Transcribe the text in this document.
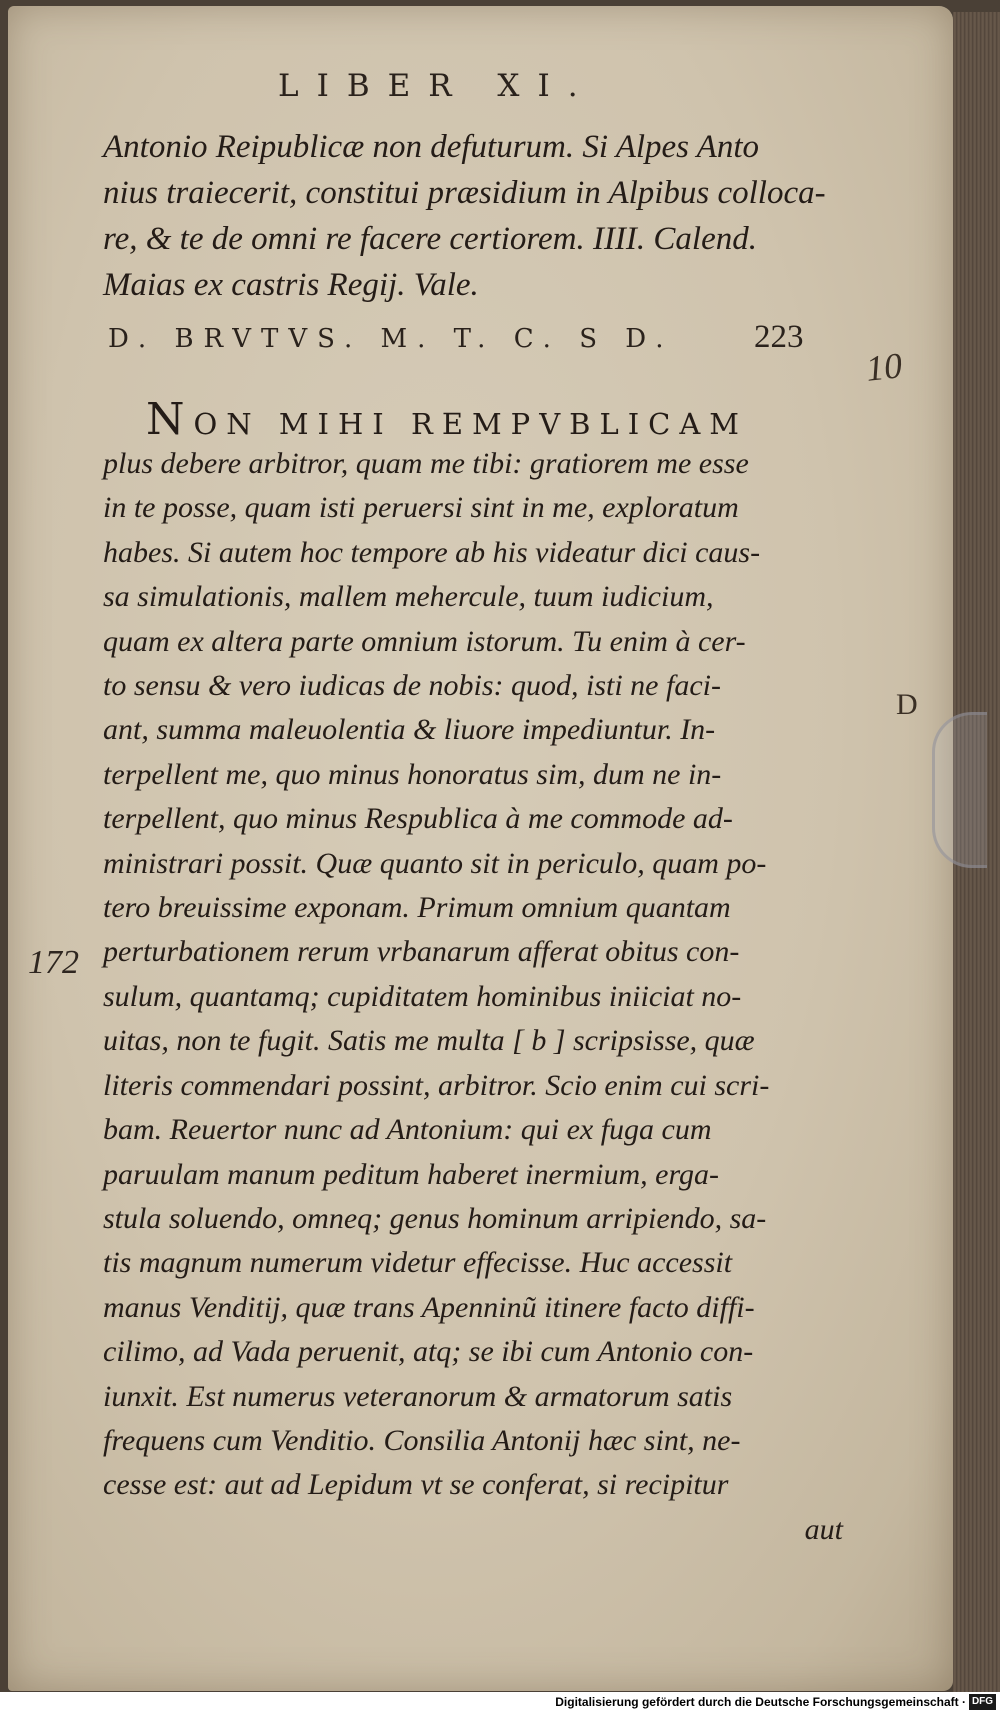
LIBER XI.
Antonio Reipublicæ non defuturum. Si Alpes Anto
nius traiecerit, constitui præsidium in Alpibus colloca-
re, & te de omni re facere certiorem. IIII. Calend.
Maias ex castris Regij. Vale.
D. BRVTVS. M. T. C. S D. 223
10
NON MIHI REMPVBLICAM
plus debere arbitror, quam me tibi: gratiorem me esse
in te posse, quam isti peruersi sint in me, exploratum
habes. Si autem hoc tempore ab his videatur dici caus-
sa simulationis, mallem mehercule, tuum iudicium,
quam ex altera parte omnium istorum. Tu enim à cer-
to sensu & vero iudicas de nobis: quod, isti ne faci-
ant, summa maleuolentia & liuore impediuntur. In-
terpellent me, quo minus honoratus sim, dum ne in-
terpellent, quo minus Respublica à me commode ad-
ministrari possit. Quæ quanto sit in periculo, quam po-
tero breuissime exponam. Primum omnium quantam
perturbationem rerum vrbanarum afferat obitus con-
sulum, quantamq; cupiditatem hominibus iniiciat no-
uitas, non te fugit. Satis me multa [ b ] scripsisse, quæ
literis commendari possint, arbitror. Scio enim cui scri-
bam. Reuertor nunc ad Antonium: qui ex fuga cum
paruulam manum peditum haberet inermium, erga-
stula soluendo, omneq; genus hominum arripiendo, sa-
tis magnum numerum videtur effecisse. Huc accessit
manus Venditij, quæ trans Apenninũ itinere facto diffi-
cilimo, ad Vada peruenit, atq; se ibi cum Antonio con-
iunxit. Est numerus veteranorum & armatorum satis
frequens cum Venditio. Consilia Antonij hæc sint, ne-
cesse est: aut ad Lepidum vt se conferat, si recipitur
aut
D
172
Digitalisierung gefördert durch die Deutsche Forschungsgemeinschaft · DFG
